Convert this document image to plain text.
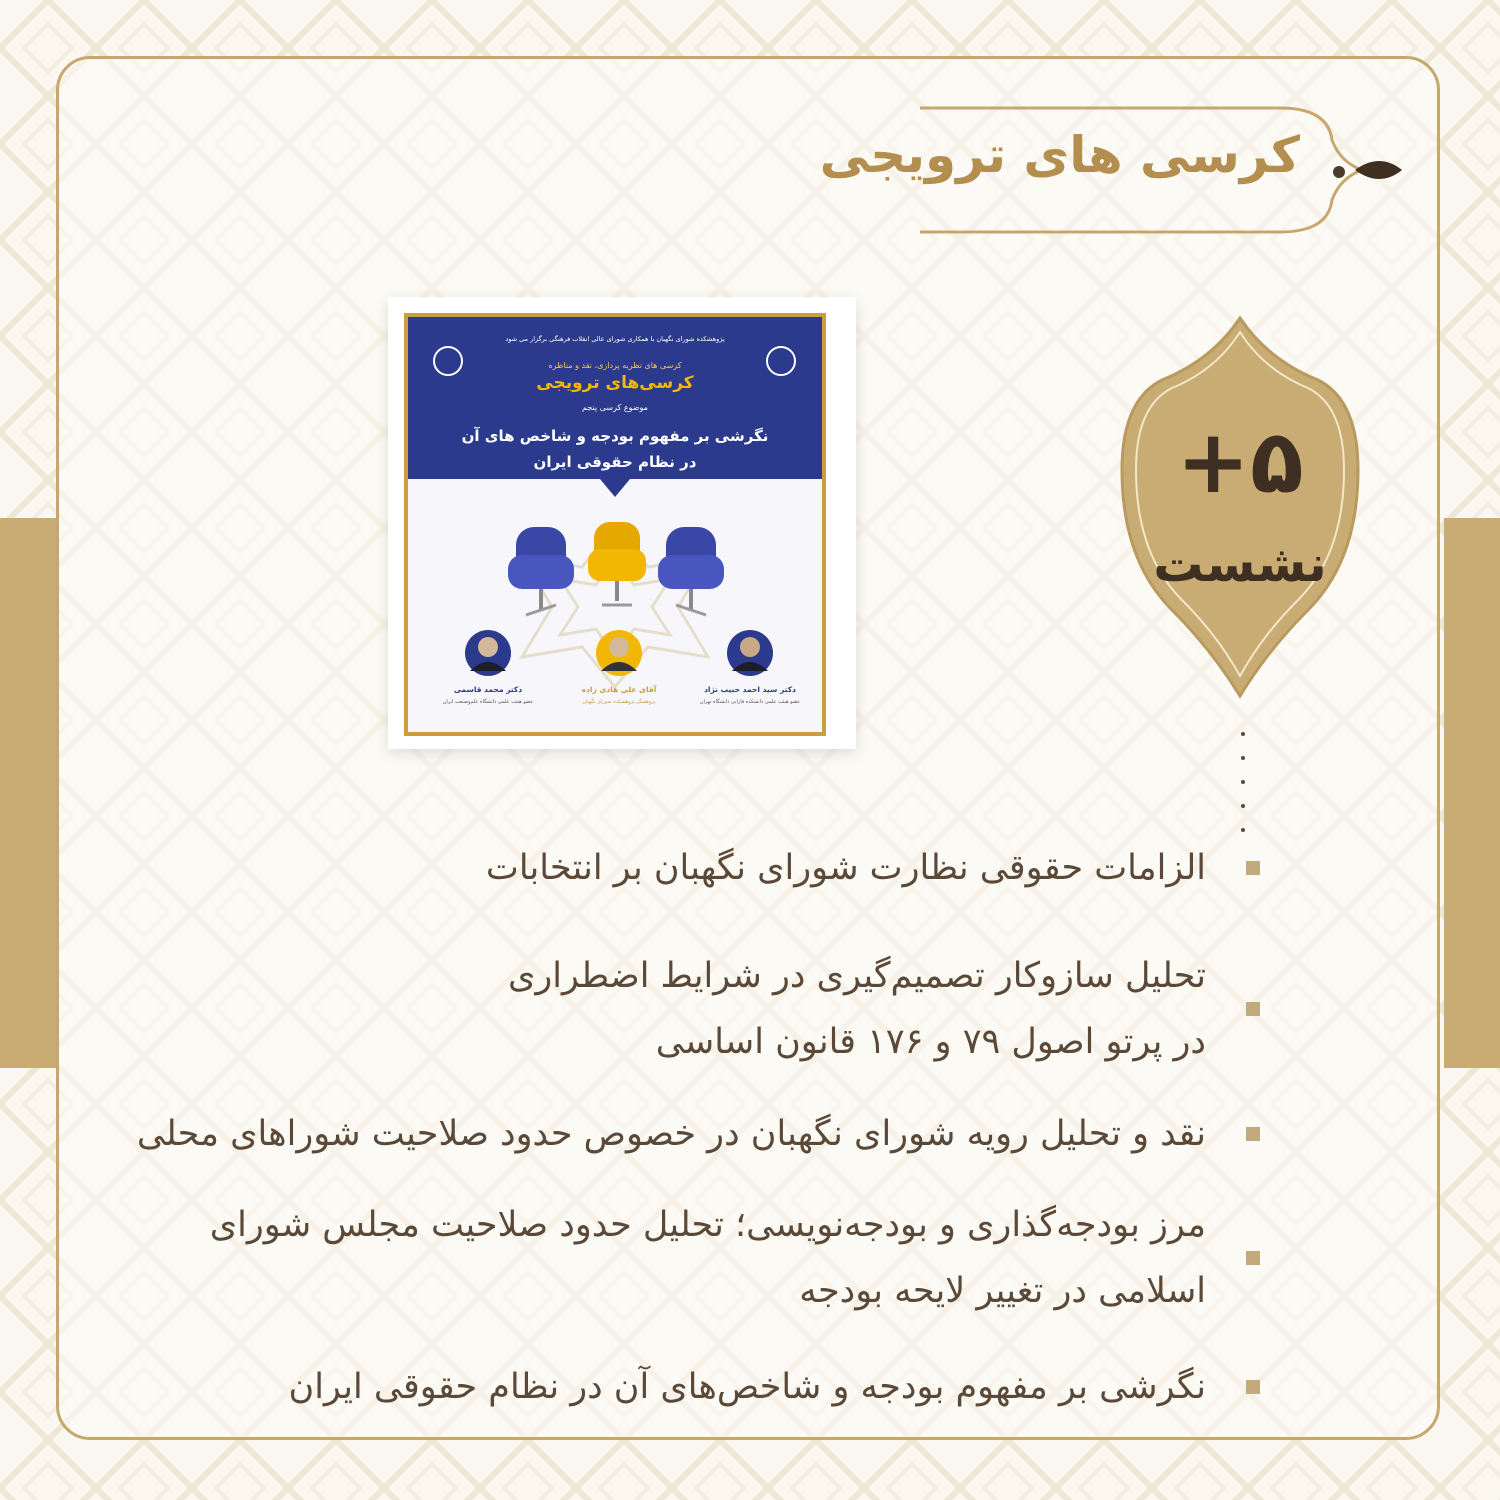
کرسی های ترویجی
پژوهشکده شورای نگهبان با همکاری شورای عالی انقلاب فرهنگی برگزار می شود
کرسی های نظریه پردازی، نقد و مناظره
کرسی‌های ترویجی
موضوع کرسی پنجم
نگرشی بر مفهوم بودجه و شاخص های آن
در نظام حقوقی ایران
دکتر محمد قاسمی
عضو هیئت علمی دانشگاه علم‌وصنعت ایران
آقای علی هادی زاده
پژوهشگر پژوهشکده شورای نگهبان
دکتر سید احمد حبیب نژاد
عضو هیئت علمی دانشکده فارابی دانشگاه تهران
+۵
نشست
الزامات حقوقی نظارت شورای نگهبان بر انتخابات
تحلیل سازوکار تصمیم‌گیری در شرایط اضطراری
در پرتو اصول ۷۹ و ۱۷۶ قانون اساسی
نقد و تحلیل رویه شورای نگهبان در خصوص حدود صلاحیت شوراهای محلی
مرز بودجه‌گذاری و بودجه‌نویسی؛ تحلیل حدود صلاحیت مجلس شورای
اسلامی در تغییر لایحه بودجه
نگرشی بر مفهوم بودجه و شاخص‌های آن در نظام حقوقی ایران
